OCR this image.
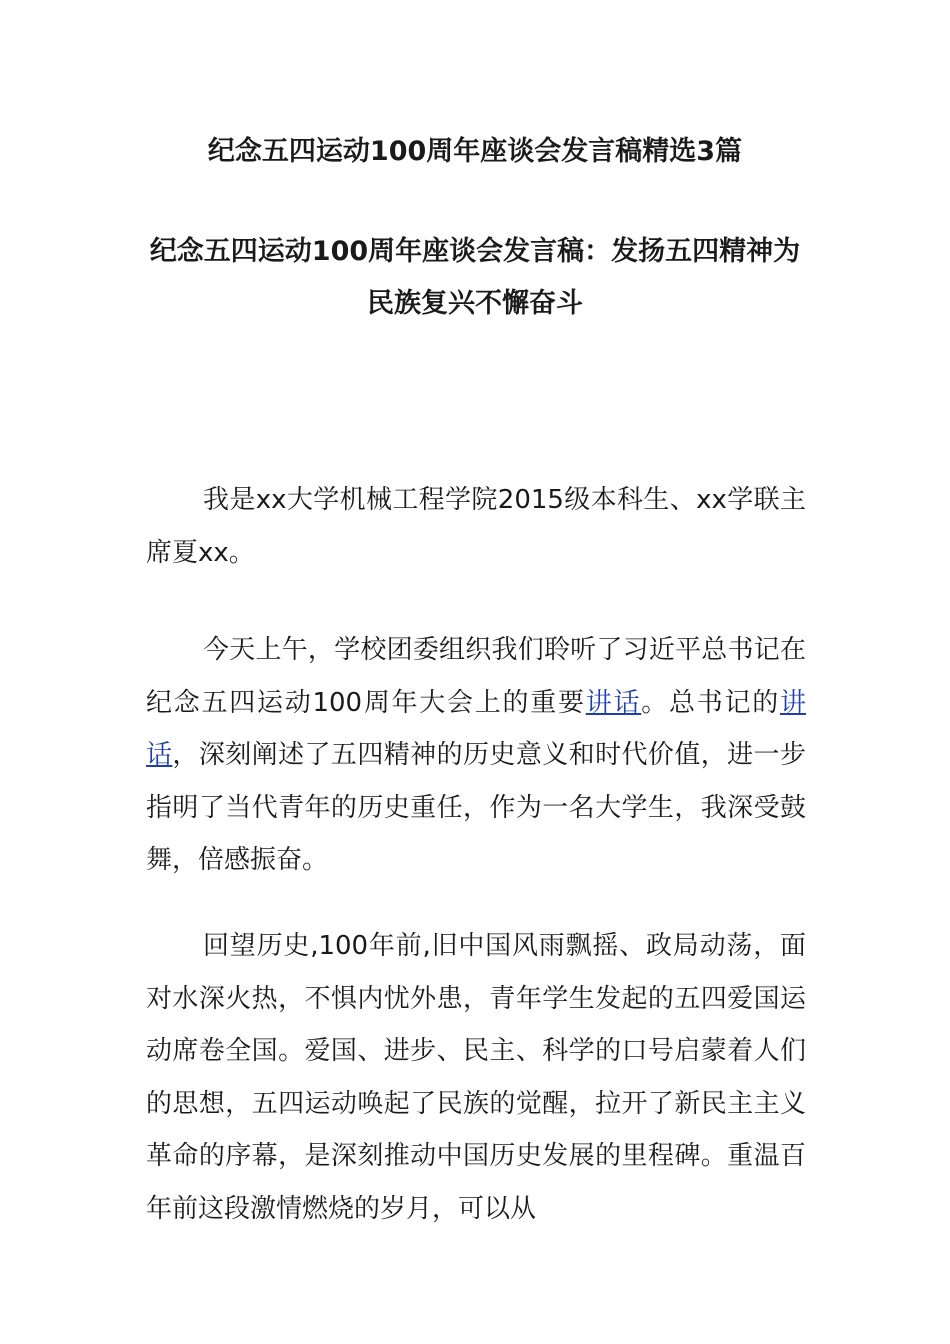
纪念五四运动100周年座谈会发言稿精选3篇
纪念五四运动100周年座谈会发言稿：发扬五四精神为民族复兴不懈奋斗

我是xx大学机械工程学院2015级本科生、xx学联主席夏xx。

今天上午，学校团委组织我们聆听了习近平总书记在纪念五四运动100周年大会上的重要讲话。总书记的讲话，深刻阐述了五四精神的历史意义和时代价值，进一步指明了当代青年的历史重任，作为一名大学生，我深受鼓舞，倍感振奋。

回望历史,100年前,旧中国风雨飘摇、政局动荡，面对水深火热，不惧内忧外患，青年学生发起的五四爱国运动席卷全国。爱国、进步、民主、科学的口号启蒙着人们的思想，五四运动唤起了民族的觉醒，拉开了新民主主义革命的序幕，是深刻推动中国历史发展的里程碑。重温百年前这段激情燃烧的岁月，可以从
